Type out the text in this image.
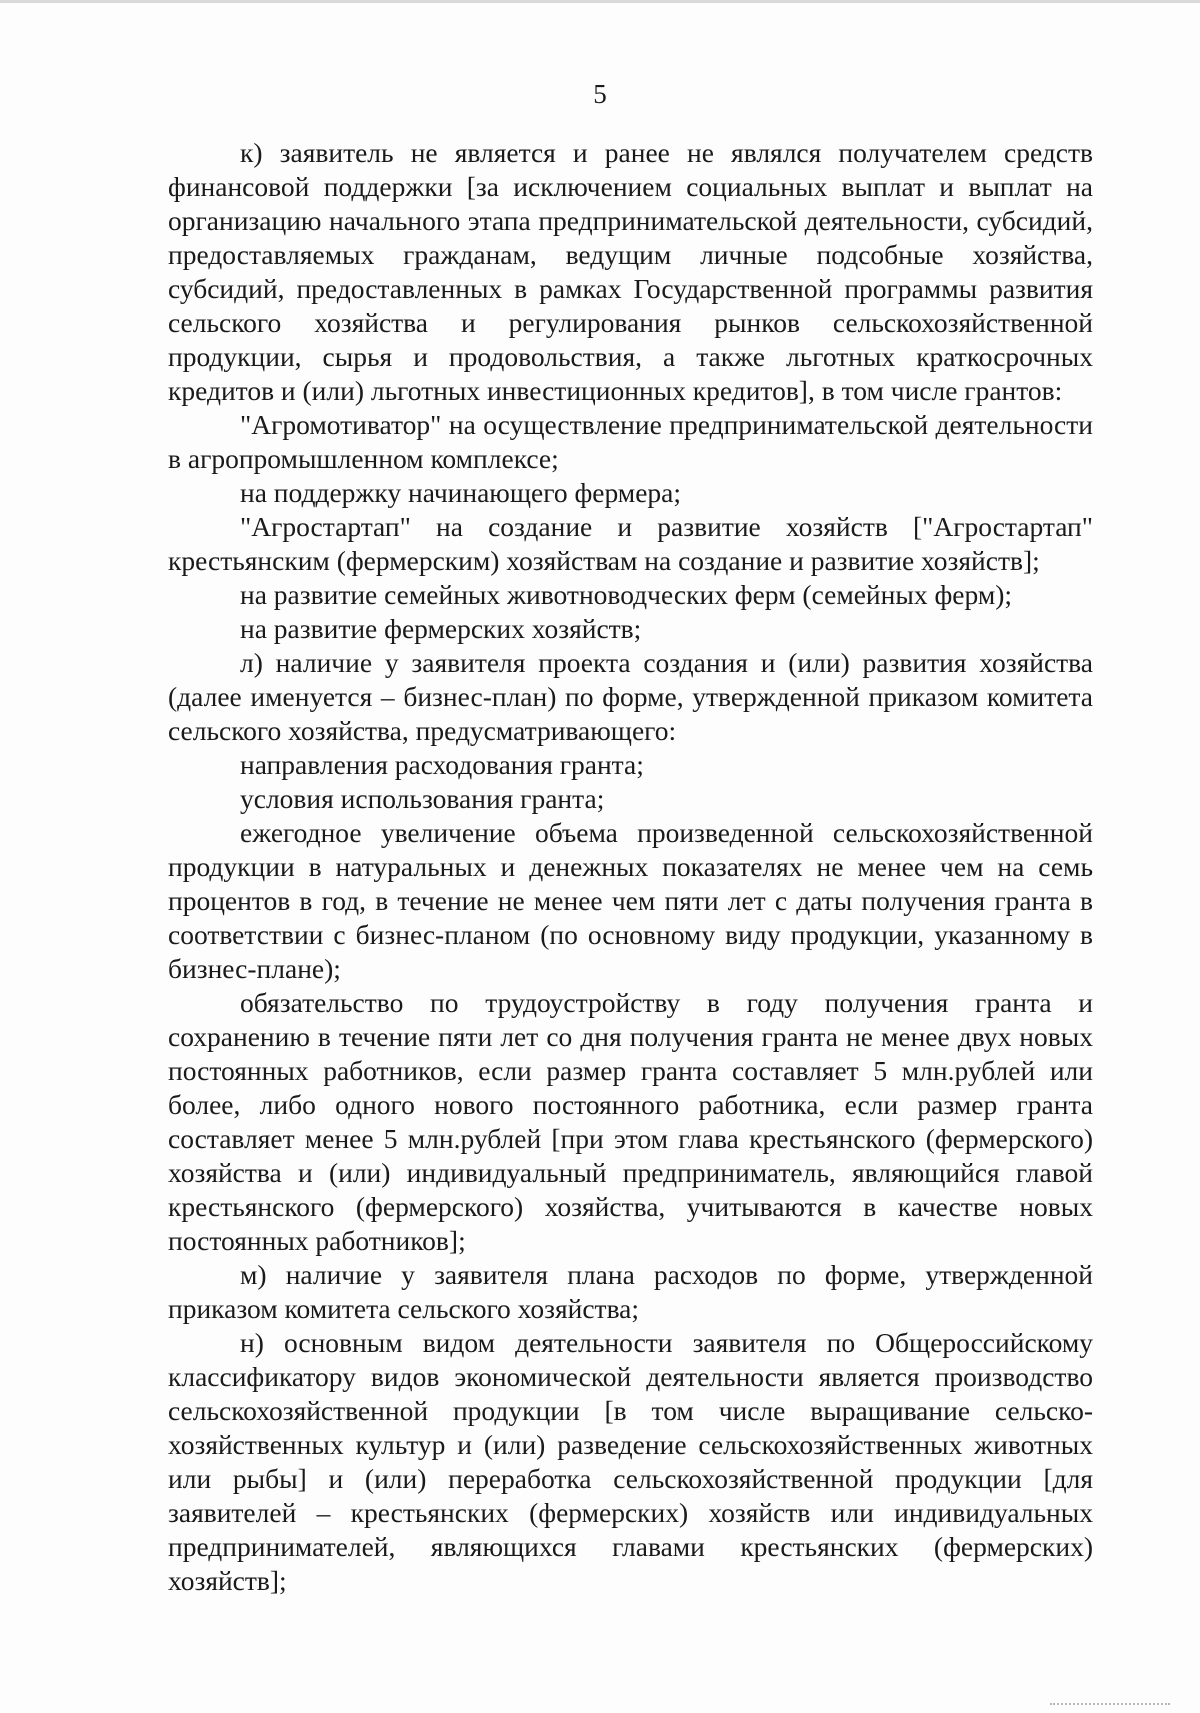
5

к) заявитель не является и ранее не являлся получателем средств финансовой поддержки [за исключением социальных выплат и выплат на организацию начального этапа предпринимательской деятельности, субсидий, предоставляемых гражданам, ведущим личные подсобные хозяйства, субсидий, предоставленных в рамках Государственной программы развития сельского хозяйства и регулирования рынков сельскохозяйственной продукции, сырья и продовольствия, а также льготных краткосрочных кредитов и (или) льготных инвестиционных кредитов], в том числе грантов:

"Агромотиватор" на осуществление предпринимательской деятельности в агропромышленном комплексе;

на поддержку начинающего фермера;

"Агростартап" на создание и развитие хозяйств ["Агростартап" крестьянским (фермерским) хозяйствам на создание и развитие хозяйств];

на развитие семейных животноводческих ферм (семейных ферм);

на развитие фермерских хозяйств;

л) наличие у заявителя проекта создания и (или) развития хозяйства (далее именуется – бизнес-план) по форме, утвержденной приказом комитета сельского хозяйства, предусматривающего:

направления расходования гранта;

условия использования гранта;

ежегодное увеличение объема произведенной сельскохозяйственной продукции в натуральных и денежных показателях не менее чем на семь процентов в год, в течение не менее чем пяти лет с даты получения гранта в соответствии с бизнес-планом (по основному виду продукции, указанному в бизнес-плане);

обязательство по трудоустройству в году получения гранта и сохранению в течение пяти лет со дня получения гранта не менее двух новых постоянных работников, если размер гранта составляет 5 млн.рублей или более, либо одного нового постоянного работника, если размер гранта составляет менее 5 млн.рублей [при этом глава крестьянского (фермерского) хозяйства и (или) индивидуальный предприниматель, являющийся главой крестьянского (фермерского) хозяйства, учитываются в качестве новых постоянных работников];

м) наличие у заявителя плана расходов по форме, утвержденной приказом комитета сельского хозяйства;

н) основным видом деятельности заявителя по Общероссийскому классификатору видов экономической деятельности является производство сельскохозяйственной продукции [в том числе выращивание сельско-хозяйственных культур и (или) разведение сельскохозяйственных животных или рыбы] и (или) переработка сельскохозяйственной продукции [для заявителей – крестьянских (фермерских) хозяйств или индивидуальных предпринимателей, являющихся главами крестьянских (фермерских) хозяйств];
